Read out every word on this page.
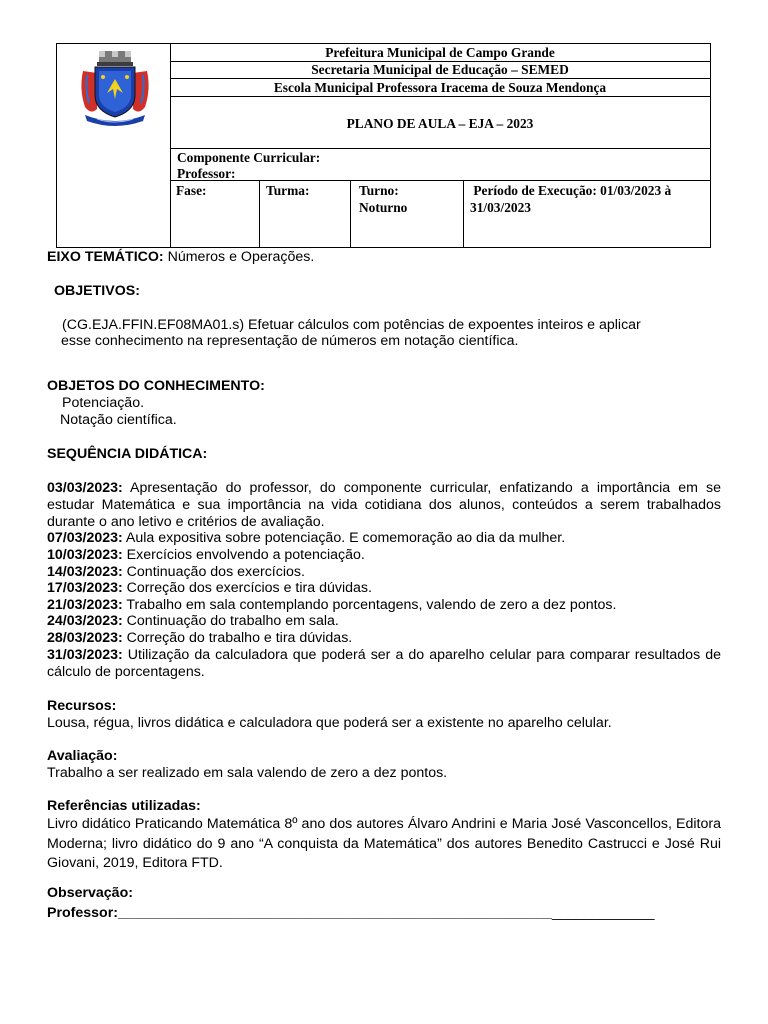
Prefeitura Municipal de Campo Grande
Secretaria Municipal de Educação – SEMED
Escola Municipal Professora Iracema de Souza Mendonça
PLANO DE AULA – EJA – 2023
Componente Curricular:
Professor:
Fase:	Turma:	Turno:
Noturno
Período de Execução: 01/03/2023 à
31/03/2023
EIXO TEMÁTICO: Números e Operações.
OBJETIVOS:
(CG.EJA.FFIN.EF08MA01.s) Efetuar cálculos com potências de expoentes inteiros e aplicar
esse conhecimento na representação de números em notação científica.
OBJETOS DO CONHECIMENTO:
Potenciação.
Notação científica.
SEQUÊNCIA DIDÁTICA:
03/03/2023: Apresentação do professor, do componente curricular, enfatizando a importância em se estudar Matemática e sua importância na vida cotidiana dos alunos, conteúdos a serem trabalhados durante o ano letivo e critérios de avaliação.
07/03/2023: Aula expositiva sobre potenciação. E comemoração ao dia da mulher.
10/03/2023: Exercícios envolvendo a potenciação.
14/03/2023: Continuação dos exercícios.
17/03/2023: Correção dos exercícios e tira dúvidas.
21/03/2023: Trabalho em sala contemplando porcentagens, valendo de zero a dez pontos.
24/03/2023: Continuação do trabalho em sala.
28/03/2023: Correção do trabalho e tira dúvidas.
31/03/2023: Utilização da calculadora que poderá ser a do aparelho celular para comparar resultados de cálculo de porcentagens.
Recursos:
Lousa, régua, livros didática e calculadora que poderá ser a existente no aparelho celular.
Avaliação:
Trabalho a ser realizado em sala valendo de zero a dez pontos.
Referências utilizadas:
Livro didático Praticando Matemática 8º ano dos autores Álvaro Andrini e Maria José Vasconcellos, Editora Moderna; livro didático do 9 ano “A conquista da Matemática” dos autores Benedito Castrucci e José Rui Giovani, 2019, Editora FTD.
Observação:
Professor:____________________________________________________________________
